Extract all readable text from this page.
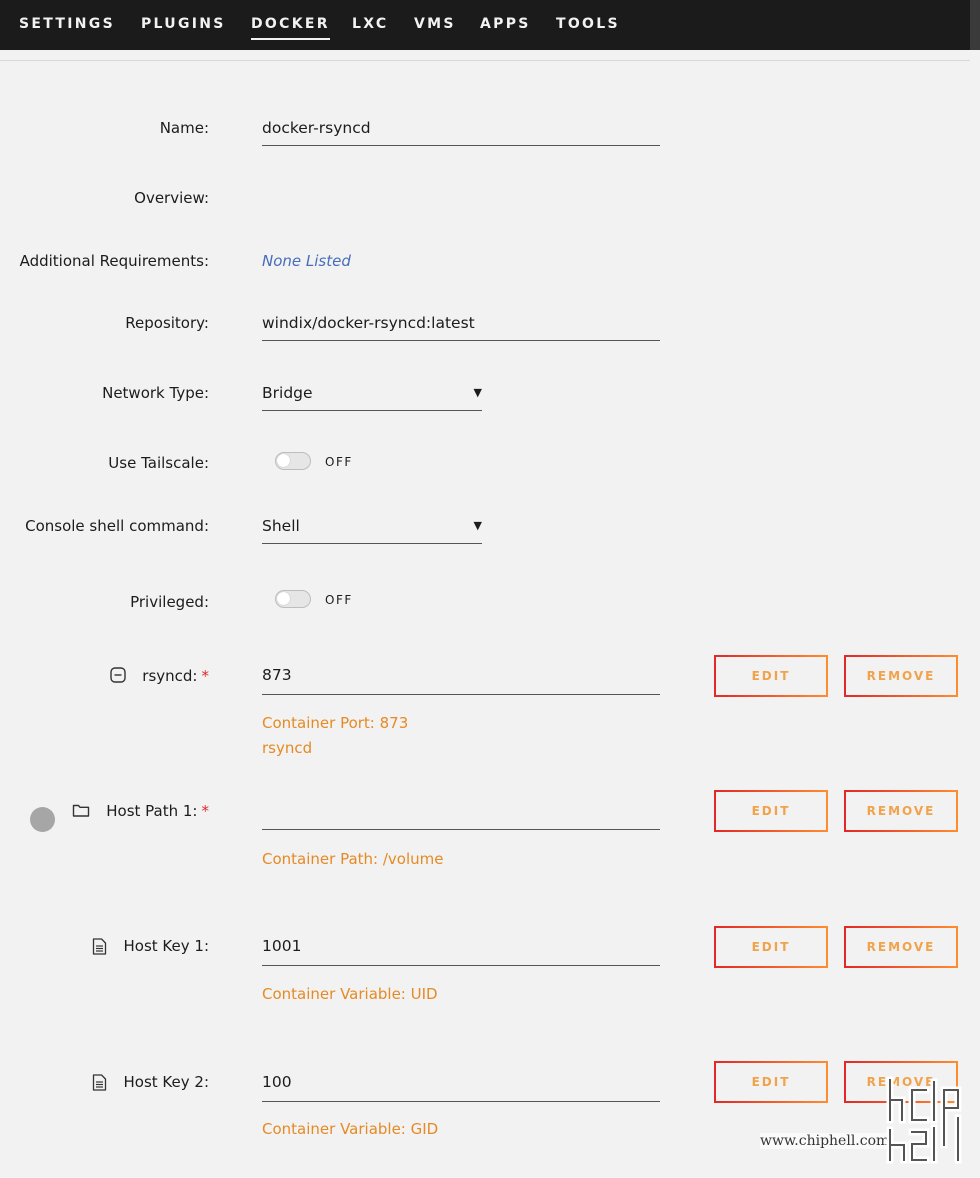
SETTINGS PLUGINS DOCKER LXC VMS APPS TOOLS
Name:	docker-rsyncd
Overview:
Additional Requirements:	None Listed
Repository:	windix/docker-rsyncd:latest
Network Type:	Bridge	▼
Use Tailscale:	OFF
Console shell command:	Shell	▼
Privileged:	OFF
rsyncd: *	873
Container Port: 873
rsyncd
EDIT	REMOVE
Host Path 1: *
Container Path: /volume
EDIT	REMOVE
Host Key 1:	1001
Container Variable: UID
EDIT	REMOVE
Host Key 2:	100
Container Variable: GID
EDIT	REMOVE
www.chiphell.com
